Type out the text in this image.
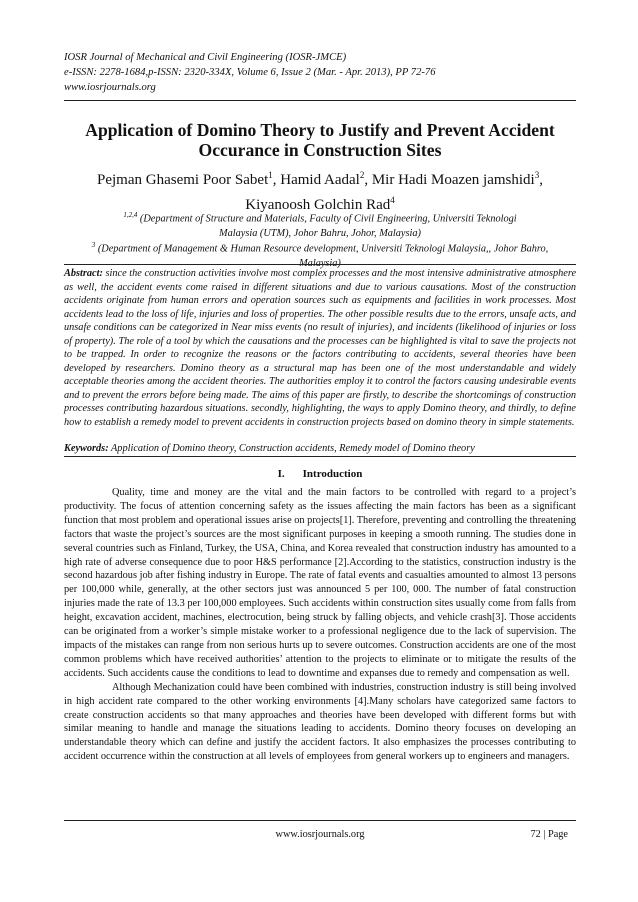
IOSR Journal of Mechanical and Civil Engineering (IOSR-JMCE)
e-ISSN: 2278-1684,p-ISSN: 2320-334X, Volume 6, Issue 2 (Mar. - Apr. 2013), PP 72-76
www.iosrjournals.org
Application of Domino Theory to Justify and Prevent Accident
Occurance in Construction Sites
Pejman Ghasemi Poor Sabet$^1$, Hamid Aadal$^2$, Mir Hadi Moazen jamshidi$^3$,
Kiyanoosh Golchin Rad$^4$
$^{1,2,4}$ (Department of Structure and Materials, Faculty of Civil Engineering, Universiti Teknologi
Malaysia (UTM), Johor Bahru, Johor, Malaysia)
$^3$ (Department of Management & Human Resource development, Universiti Teknologi Malaysia,, Johor Bahro,
Malaysia)
Abstract: since the construction activities involve most complex processes and the most intensive administrative atmosphere as well, the accident events come raised in different situations and due to various causations. Most of the construction accidents originate from human errors and operation sources such as equipments and facilities in work processes. Most accidents lead to the loss of life, injuries and loss of properties. The other possible results due to the errors, unsafe acts, and unsafe conditions can be categorized in Near miss events (no result of injuries), and incidents (likelihood of injuries or loss of property). The role of a tool by which the causations and the processes can be highlighted is vital to save the projects not to be trapped. In order to recognize the reasons or the factors contributing to accidents, several theories have been developed by researchers. Domino theory as a structural map has been one of the most understandable and widely acceptable theories among the accident theories. The authorities employ it to control the factors causing undesirable events and to prevent the errors before being made. The aims of this paper are firstly, to describe the shortcomings of construction processes contributing hazardous situations. secondly, highlighting, the ways to apply Domino theory, and thirdly, to define how to establish a remedy model to prevent accidents in construction projects based on domino theory in simple statements.
Keywords: Application of Domino theory, Construction accidents, Remedy model of Domino theory
I. Introduction

Quality, time and money are the vital and the main factors to be controlled with regard to a project’s productivity. The focus of attention concerning safety as the issues affecting the main factors has been as a significant function that most problem and operational issues arise on projects[1]. Therefore, preventing and controlling the threatening factors that waste the project’s sources are the most significant purposes in keeping a smooth running. The studies done in several countries such as Finland, Turkey, the USA, China, and Korea revealed that construction industry has amounted to a high rate of adverse consequence due to poor H&S performance [2].According to the statistics, construction industry is the second hazardous job after fishing industry in Europe. The rate of fatal events and casualties amounted to almost 13 persons per 100,000 while, generally, at the other sectors just was announced 5 per 100, 000. The number of fatal construction injuries made the rate of 13.3 per 100,000 employees. Such accidents within construction sites usually come from falls from height, excavation accident, machines, electrocution, being struck by falling objects, and vehicle crash[3]. Those accidents can be originated from a worker’s simple mistake worker to a professional negligence due to the lack of supervision. The impacts of the mistakes can range from non serious hurts up to severe outcomes. Construction accidents are one of the most common problems which have received authorities’ attention to the projects to eliminate or to mitigate the results of the accidents. Such accidents cause the conditions to lead to downtime and expanses due to remedy and compensation as well.

Although Mechanization could have been combined with industries, construction industry is still being involved in high accident rate compared to the other working environments [4].Many scholars have categorized same factors to create construction accidents so that many approaches and theories have been developed with different forms but with similar meaning to handle and manage the situations leading to accidents. Domino theory focuses on developing an understandable theory which can define and justify the accident factors. It also emphasizes the processes contributing to accident occurrence within the construction at all levels of employees from general workers up to engineers and managers.

www.iosrjournals.org	72 | Page
